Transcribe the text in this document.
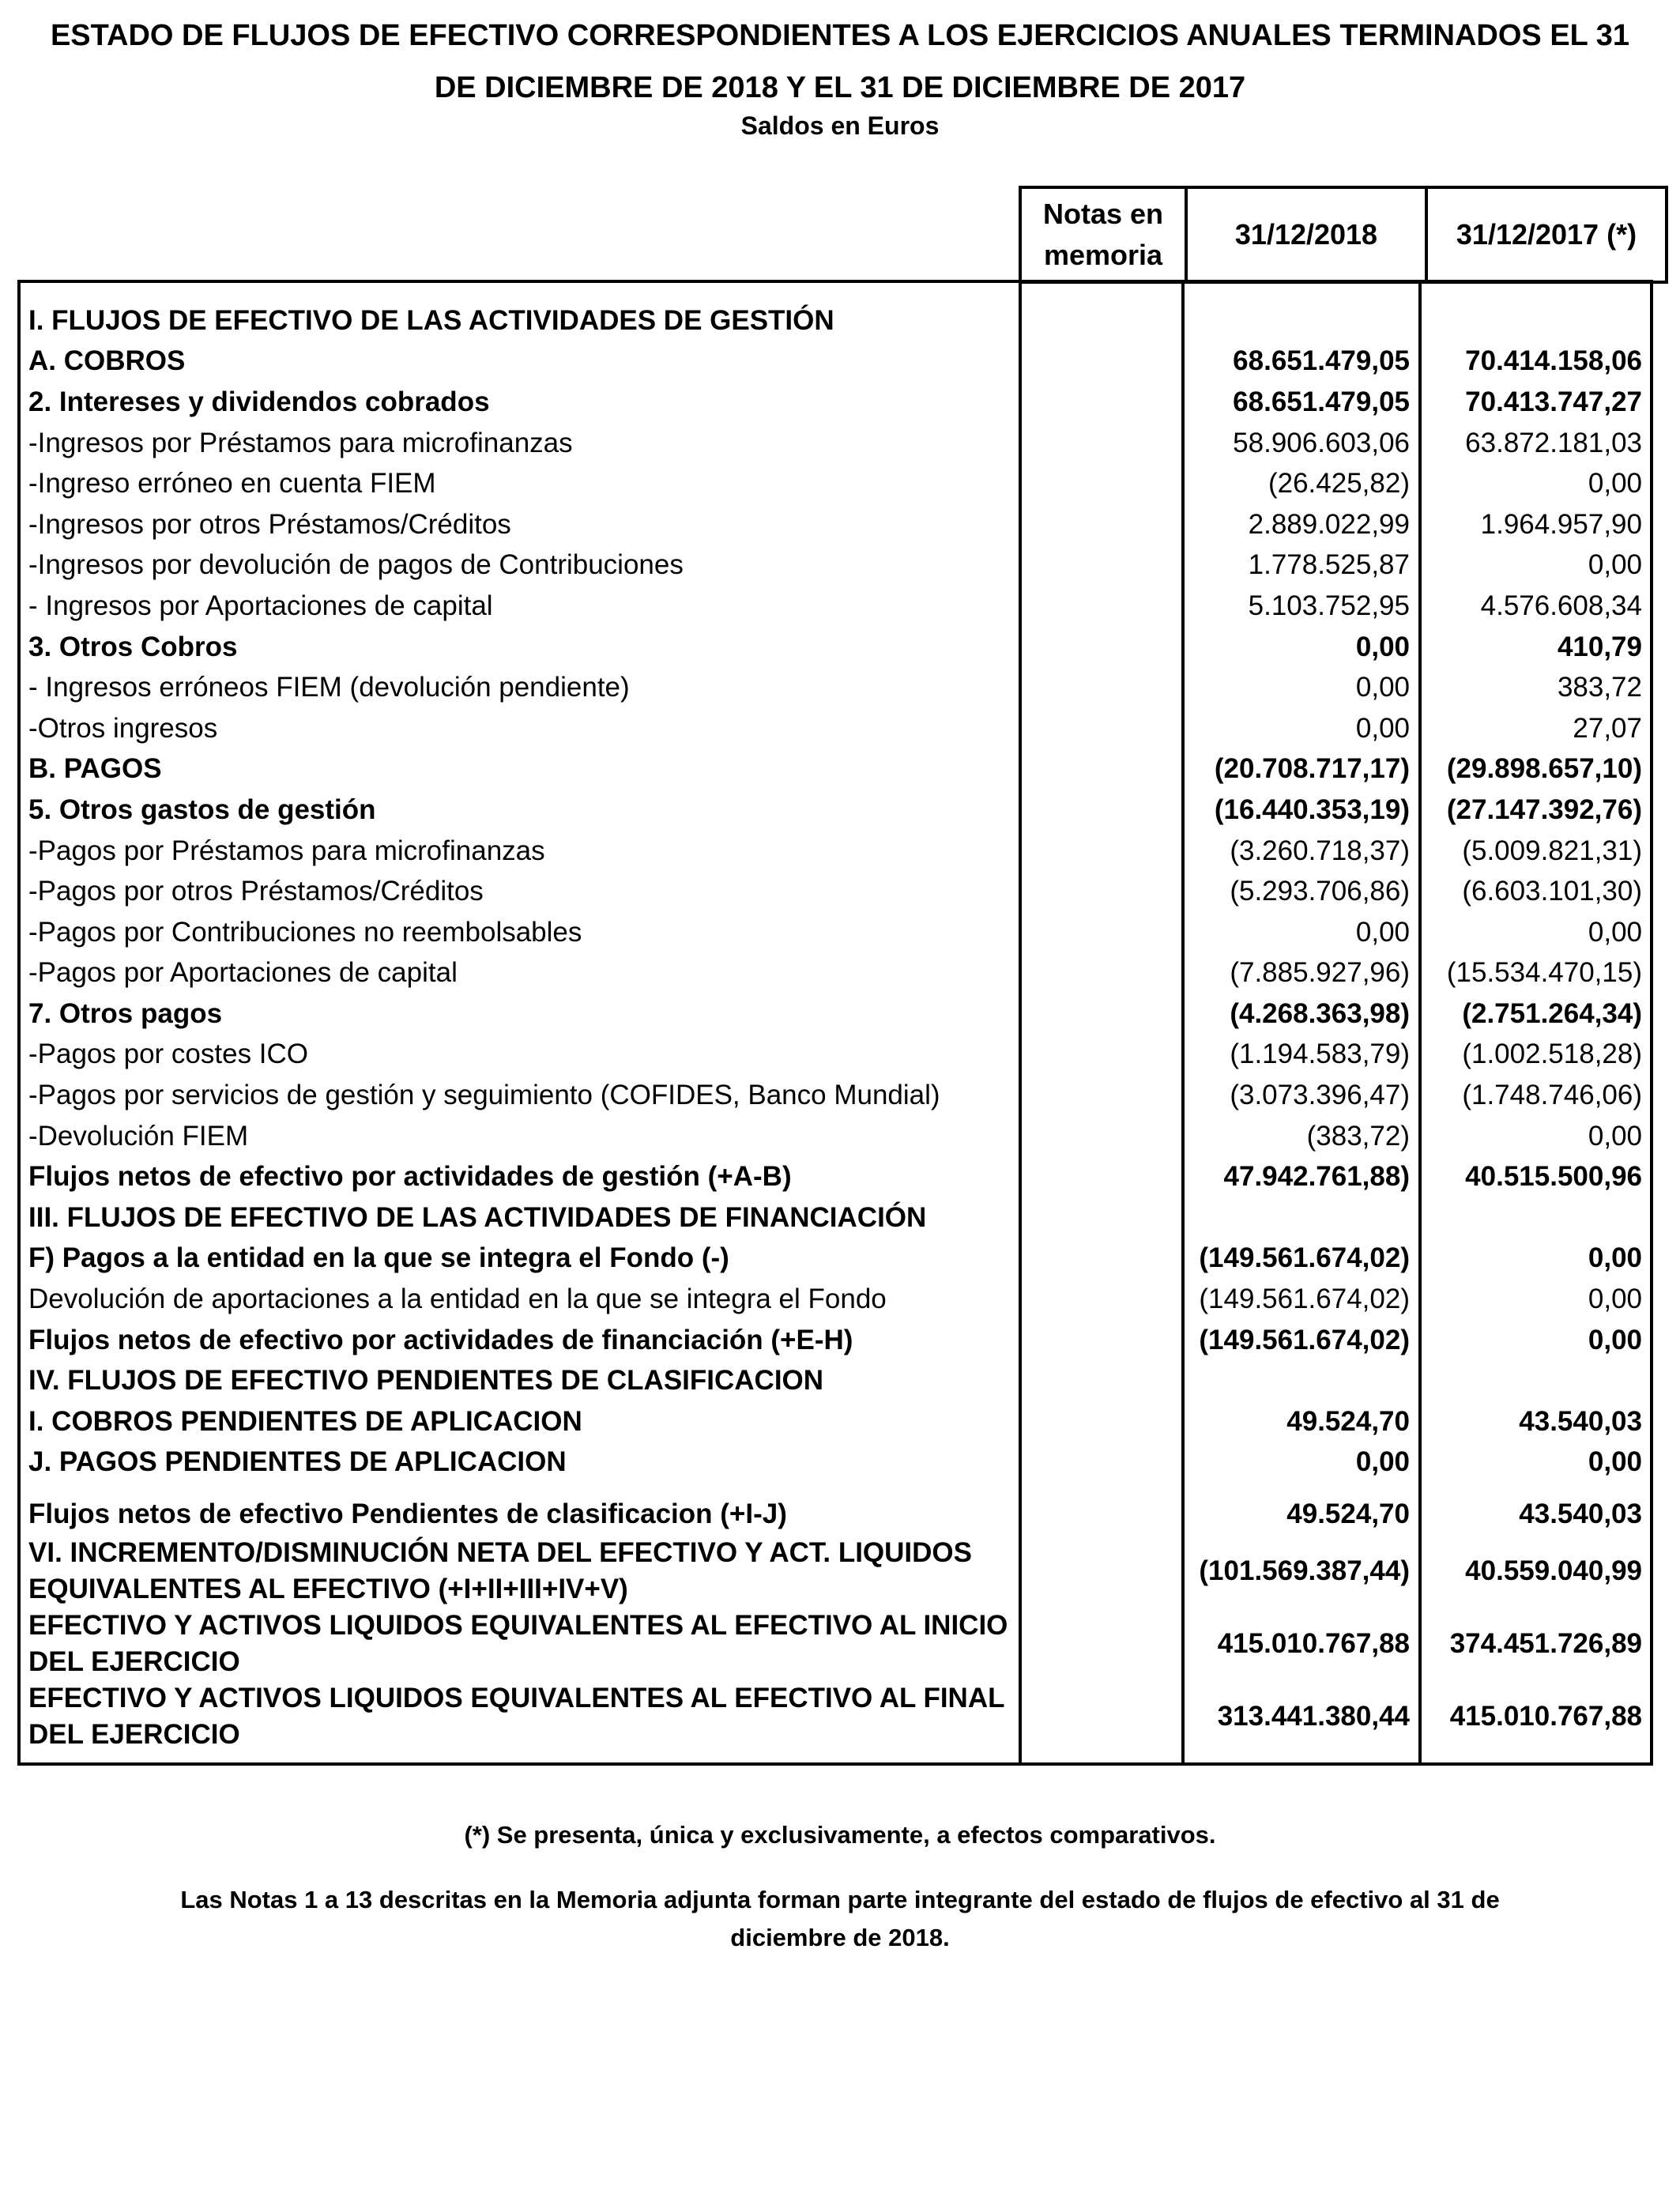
ESTADO DE FLUJOS DE EFECTIVO CORRESPONDIENTES A LOS EJERCICIOS ANUALES TERMINADOS EL 31 DE DICIEMBRE DE 2018 Y EL 31 DE DICIEMBRE DE 2017
Saldos en Euros
Notas en memoria	31/12/2018	31/12/2017 (*)
I. FLUJOS DE EFECTIVO DE LAS ACTIVIDADES DE GESTIÓN
A. COBROS	68.651.479,05	70.414.158,06
2. Intereses y dividendos cobrados	68.651.479,05	70.413.747,27
-Ingresos por Préstamos para microfinanzas	58.906.603,06	63.872.181,03
-Ingreso erróneo en cuenta FIEM	(26.425,82)	0,00
-Ingresos por otros Préstamos/Créditos	2.889.022,99	1.964.957,90
-Ingresos por devolución de pagos de Contribuciones	1.778.525,87	0,00
- Ingresos por Aportaciones de capital	5.103.752,95	4.576.608,34
3. Otros Cobros	0,00	410,79
- Ingresos erróneos FIEM (devolución pendiente)	0,00	383,72
-Otros ingresos	0,00	27,07
B. PAGOS	(20.708.717,17)	(29.898.657,10)
5. Otros gastos de gestión	(16.440.353,19)	(27.147.392,76)
-Pagos por Préstamos para microfinanzas	(3.260.718,37)	(5.009.821,31)
-Pagos por otros Préstamos/Créditos	(5.293.706,86)	(6.603.101,30)
-Pagos por Contribuciones no reembolsables	0,00	0,00
-Pagos por Aportaciones de capital	(7.885.927,96)	(15.534.470,15)
7. Otros pagos	(4.268.363,98)	(2.751.264,34)
-Pagos por costes ICO	(1.194.583,79)	(1.002.518,28)
-Pagos por servicios de gestión y seguimiento (COFIDES, Banco Mundial)	(3.073.396,47)	(1.748.746,06)
-Devolución FIEM	(383,72)	0,00
Flujos netos de efectivo por actividades de gestión (+A-B)	47.942.761,88)	40.515.500,96
III. FLUJOS DE EFECTIVO DE LAS ACTIVIDADES DE FINANCIACIÓN
F) Pagos a la entidad en la que se integra el Fondo (-)	(149.561.674,02)	0,00
Devolución de aportaciones a la entidad en la que se integra el Fondo	(149.561.674,02)	0,00
Flujos netos de efectivo por actividades de financiación (+E-H)	(149.561.674,02)	0,00
IV. FLUJOS DE EFECTIVO PENDIENTES DE CLASIFICACION
I. COBROS PENDIENTES DE APLICACION	49.524,70	43.540,03
J. PAGOS PENDIENTES DE APLICACION	0,00	0,00
Flujos netos de efectivo Pendientes de clasificacion (+I-J)	49.524,70	43.540,03
VI. INCREMENTO/DISMINUCIÓN NETA DEL EFECTIVO Y ACT. LIQUIDOS EQUIVALENTES AL EFECTIVO (+I+II+III+IV+V)
(101.569.387,44)	40.559.040,99
EFECTIVO Y ACTIVOS LIQUIDOS EQUIVALENTES AL EFECTIVO AL INICIO DEL EJERCICIO
415.010.767,88	374.451.726,89
EFECTIVO Y ACTIVOS LIQUIDOS EQUIVALENTES AL EFECTIVO AL FINAL DEL EJERCICIO
313.441.380,44	415.010.767,88
(*) Se presenta, única y exclusivamente, a efectos comparativos.
Las Notas 1 a 13 descritas en la Memoria adjunta forman parte integrante del estado de flujos de efectivo al 31 de diciembre de 2018.
